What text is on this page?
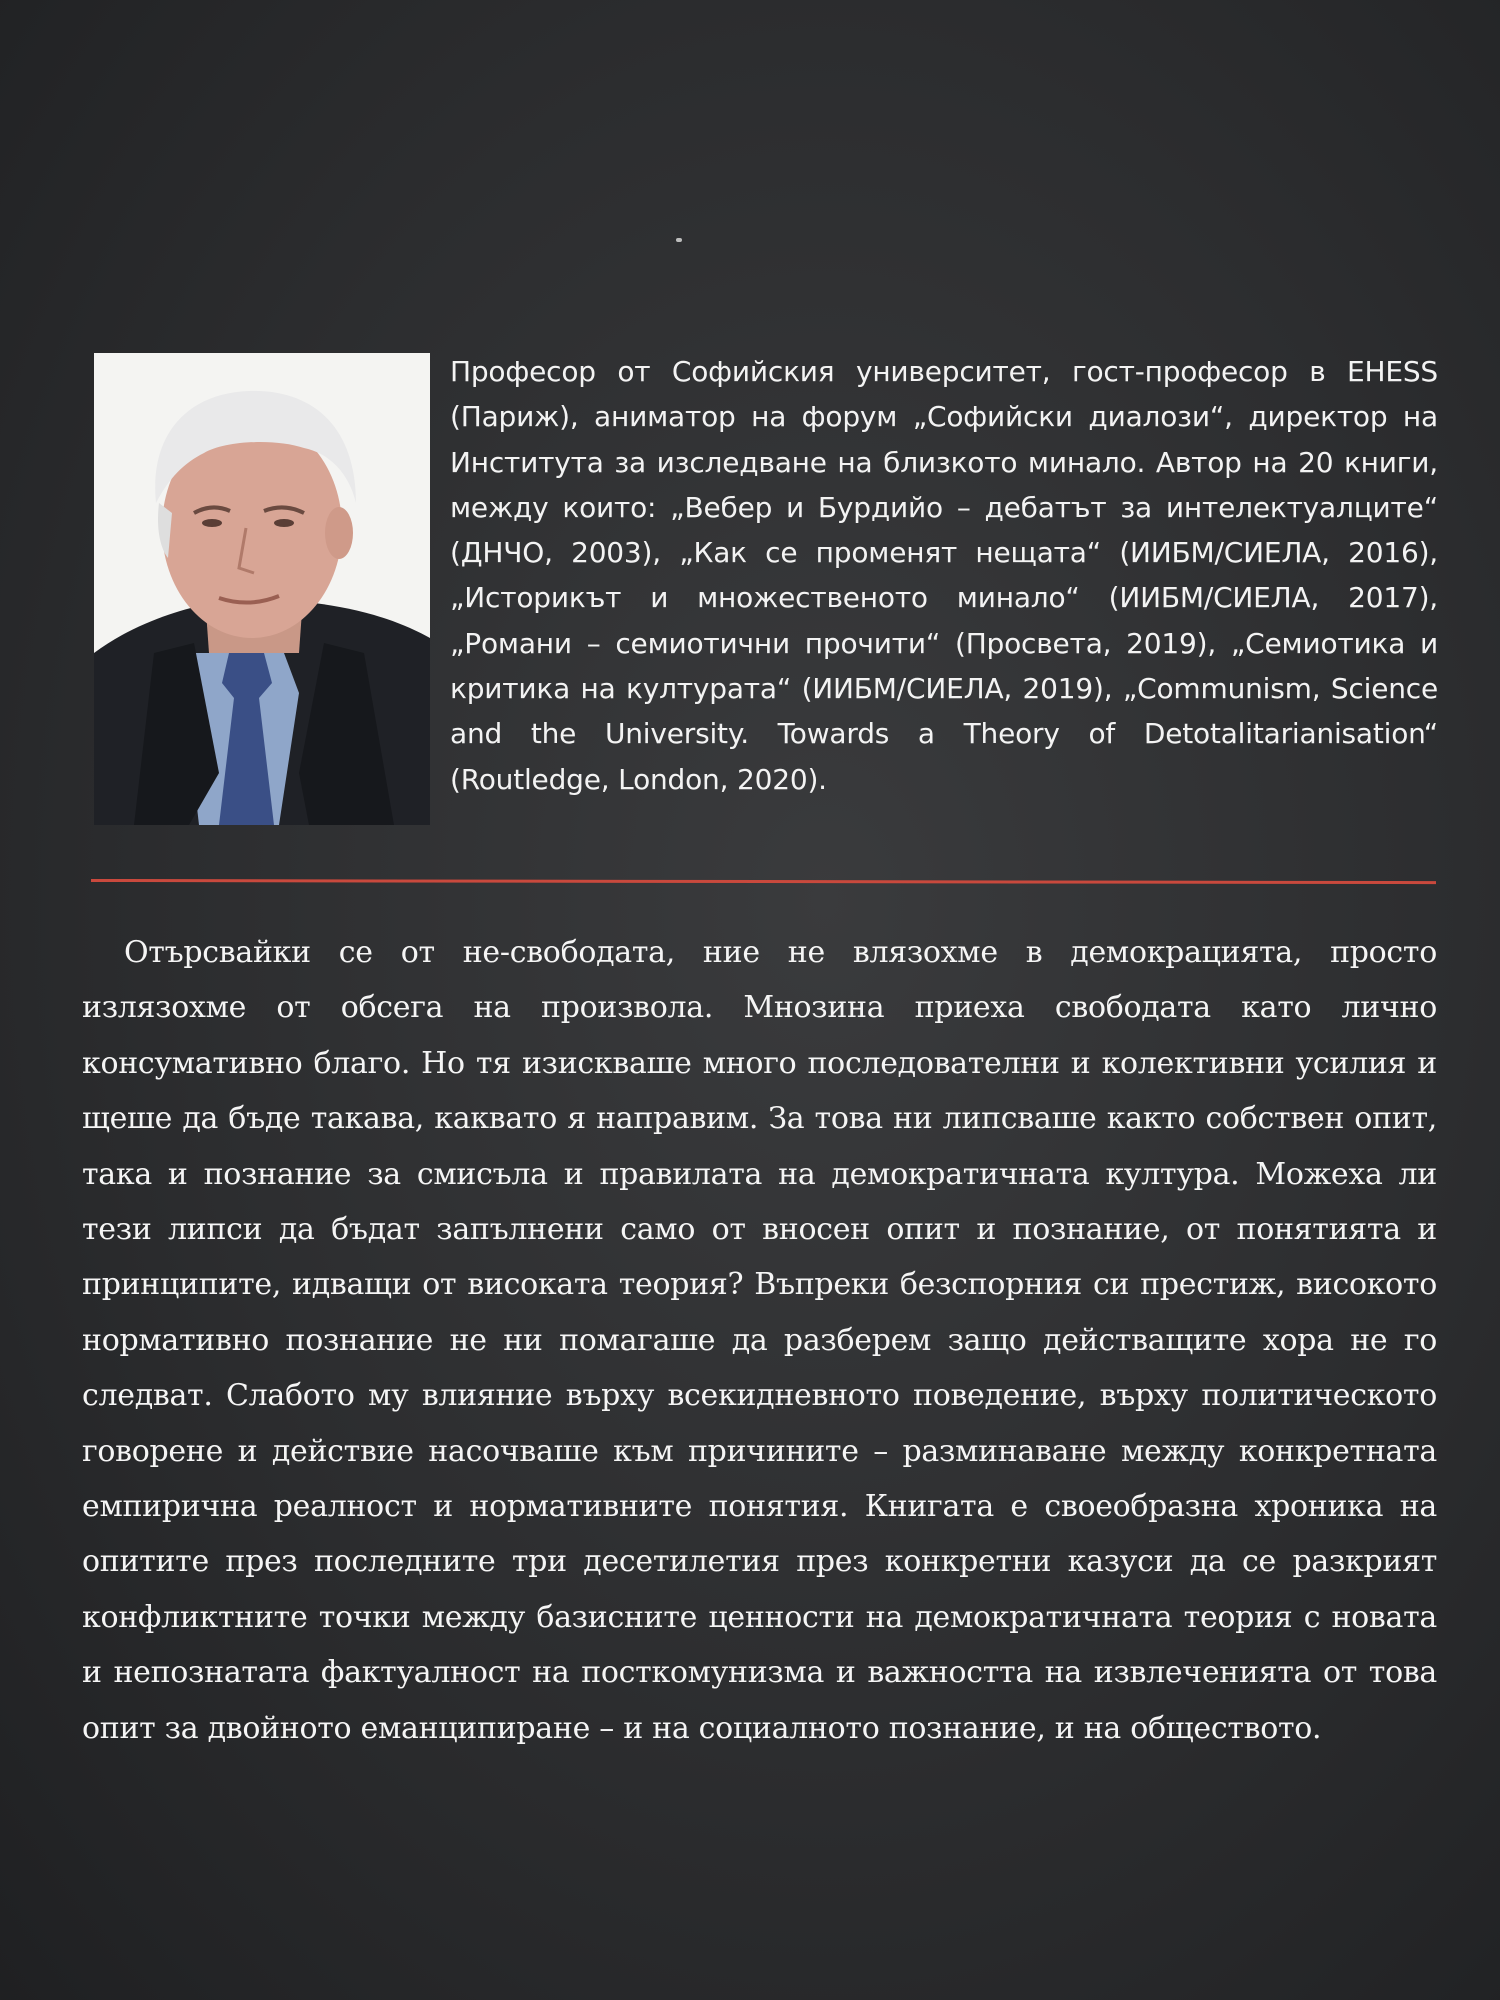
Професор от Софийския университет, гост-професор в EHESS (Париж), аниматор на форум „Софийски диалози“, директор на Института за изследване на близкото минало. Автор на 20 книги, между които: „Вебер и Бурдийо – дебатът за интелектуалците“ (ДНЧО, 2003), „Как се променят нещата“ (ИИБМ/СИЕЛА, 2016), „Историкът и множественото минало“ (ИИБМ/СИЕЛА, 2017), „Романи – семиотични прочити“ (Просвета, 2019), „Семиотика и критика на културата“ (ИИБМ/СИЕЛА, 2019), „Communism, Science and the University. Towards a Theory of Detotalitarianisation“ (Routledge, London, 2020).
Отърсвайки се от не-свободата, ние не влязохме в демокрацията, просто излязохме от обсега на произвола. Мнозина приеха свободата като лично консумативно благо. Но тя изискваше много последователни и колективни усилия и щеше да бъде такава, каквато я направим. За това ни липсваше както собствен опит, така и познание за смисъла и правилата на демократичната култура. Можеха ли тези липси да бъдат запълнени само от вносен опит и познание, от понятията и принципите, идващи от високата теория? Въпреки безспорния си престиж, високото нормативно познание не ни помагаше да разберем защо действащите хора не го следват. Слабото му влияние върху всекидневното поведение, върху политическото говорене и действие насочваше към причините – разминаване между конкретната емпирична реалност и нормативните понятия. Книгата е своеобразна хроника на опитите през последните три десетилетия през конкретни казуси да се разкрият конфликтните точки между базисните ценности на демократичната теория с новата и непознатата фактуалност на посткомунизма и важността на извлеченията от това опит за двойното еманципиране – и на социалното познание, и на обществото.
